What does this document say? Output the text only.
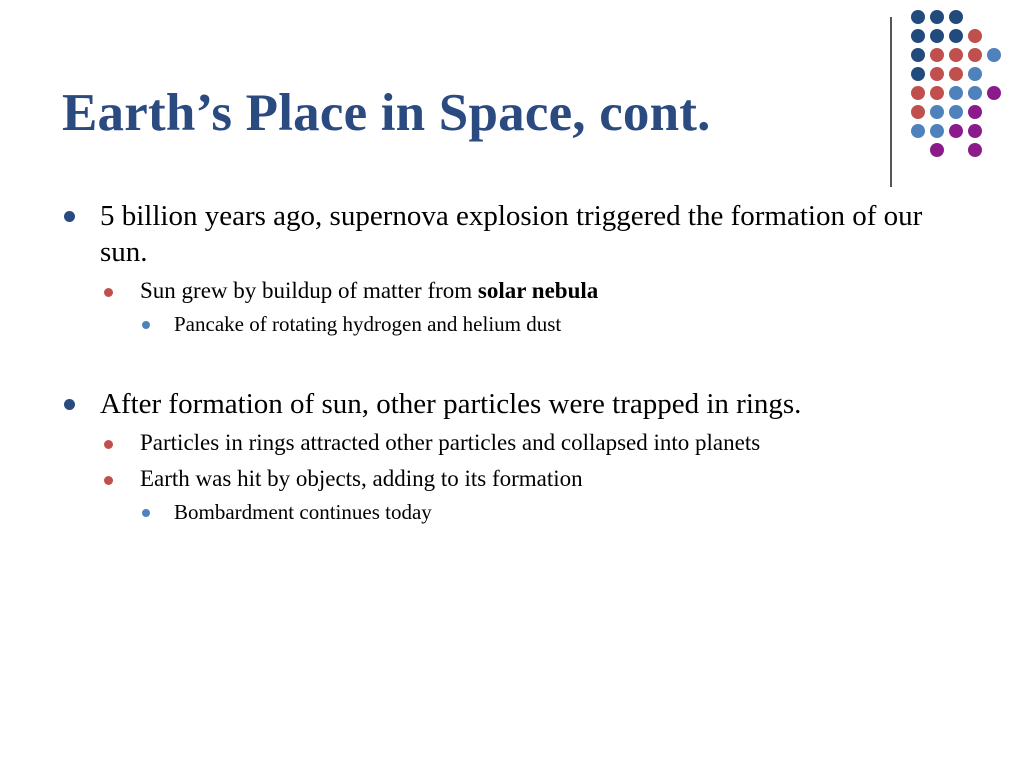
Earth’s Place in Space, cont.
5 billion years ago, supernova explosion triggered the formation of our sun.
Sun grew by buildup of matter from solar nebula
Pancake of rotating hydrogen and helium dust
After formation of sun, other particles were trapped in rings.
Particles in rings attracted other particles and collapsed into planets
Earth was hit by objects, adding to its formation
Bombardment continues today
